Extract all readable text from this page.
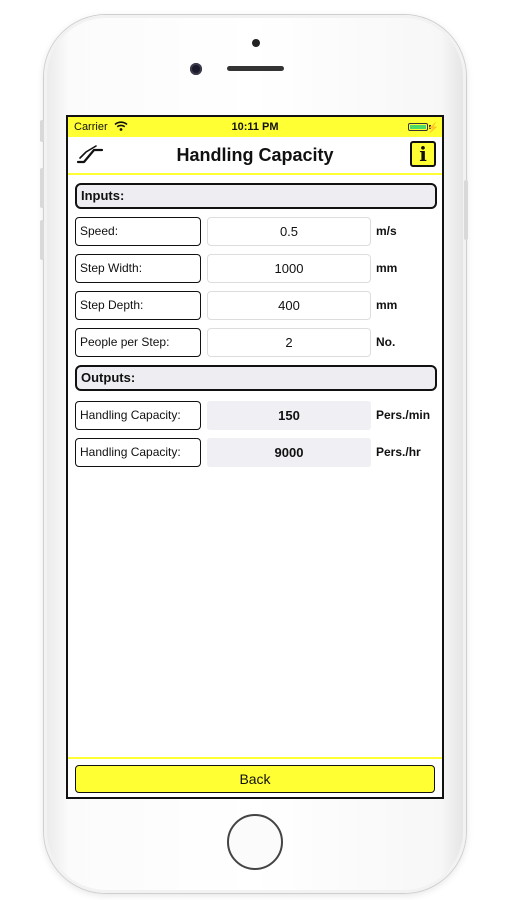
Carrier	10:11 PM	⚡
Handling Capacity	i
Inputs:
Speed:
0.5	m/s
Step Width:
1000	mm
Step Depth:
400	mm
People per Step:
2	No.
Outputs:
Handling Capacity:	150	Pers./min
Handling Capacity:	9000	Pers./hr
Back
